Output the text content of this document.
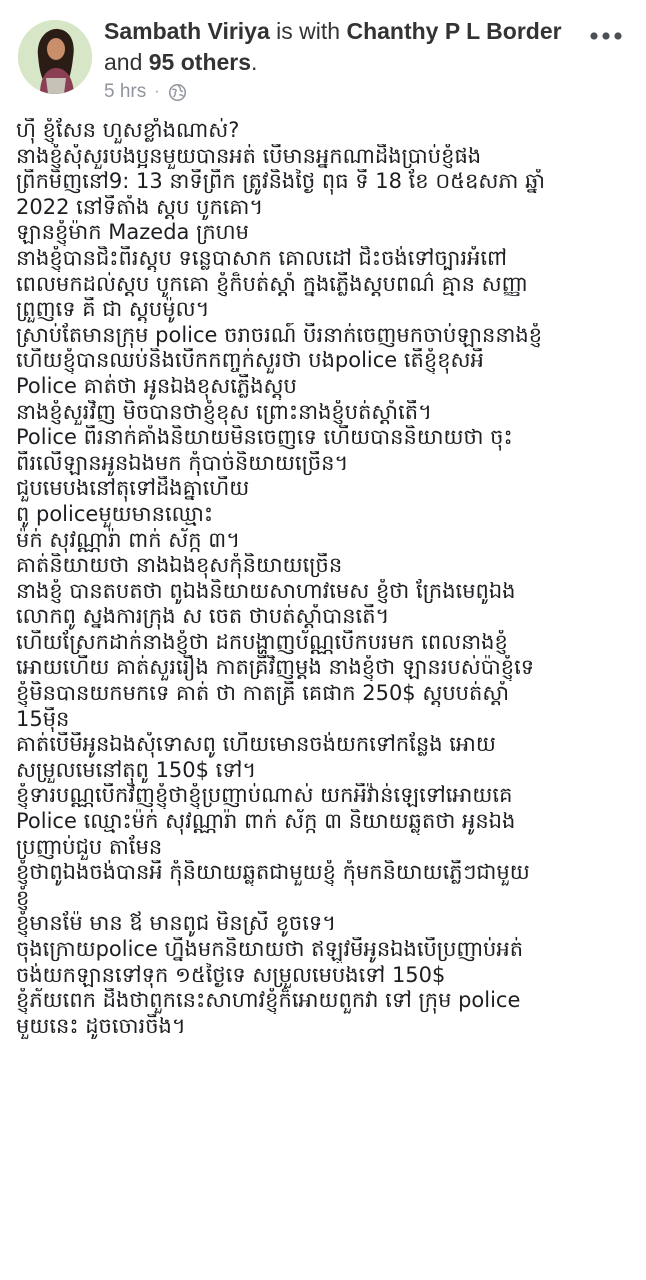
Sambath Viriya is with Chanthy P L Border and 95 others.
5 hrs ·
ហ៊ឺ ខ្ញុំសែន ហួសខ្លាំងណាស់?
នាងខ្ញុំសុំសួរបងប្អូនមួយបានអត់ បើមានអ្នកណាដឹងប្រាប់ខ្ញុំផង
ព្រឹកមិញនៅ9: 13 នាទីព្រឹក ត្រូវនិងថ្ងៃ ពុធ ទី 18 ខែ ០៥ឧសភា ឆ្នាំ
2022 នៅទីតាំង ស្តុប បូកគោ។
ឡានខ្ញុំម៉ាក Mazeda ក្រហម
នាងខ្ញុំបានជិះពីរស្តុប ទន្លេបាសាក គោលដៅ ជិះចង់ទៅច្បារអំពៅ
ពេលមកដល់ស្តុប បូកគោ ខ្ញុំក៏បត់ស្តាំ ក្នុងភ្លើងស្តុបពណ៌ គ្មាន សញ្ញា
ព្រួញទេ គឺ ជា ស្តុបម៉ូល។
ស្រាប់តែមានក្រុម police ចរាចរណ៍ បីរនាក់ចេញមកចាប់ឡាននាងខ្ញុំ
ហើយខ្ញុំបានឈប់និងបើកកញ្ចក់សួរថា បងpolice តើខ្ញុំខុសអី
Police គាត់ថា អូនឯងខុសភ្លើងស្តុប
នាងខ្ញុំសួរវិញ មិចបានថាខ្ញុំខុស ព្រោះនាងខ្ញុំបត់ស្តាំតើ។
Police ពីរនាក់គាំងនិយាយមិនចេញទេ ហើយបាននិយាយថា ចុះ
ពីរលើឡានអូនឯងមក កុំបាច់និយាយច្រើន។
ជួបមេបងនៅតុទៅដឹងគ្នាហើយ
ពូ policeមួយមានឈ្មោះ
ម៉ក់ សុវណ្ណារ៉ា ពាក់ ស័ក្ក ៣។
គាត់និយាយថា នាងឯងខុសកុំនិយាយច្រើន
នាងខ្ញុំ បានតបតថា ពូឯងនិយាយសាហាវមេស ខ្ញុំថា ក្រែងមេពូឯង
លោកពូ ស្នងការក្រុង ស ចេត ថាបត់ស្តាំបានតើ។
ហើយស្រែកដាក់នាងខ្ញុំថា ដកបង្ហាញប័ណ្ណបើកបរមក ពេលនាងខ្ញុំ
អោយហើយ គាត់សួររឿង កាតគ្រីវិញម្តង នាងខ្ញុំថា ឡានរបស់ប៉ាខ្ញុំទេ
ខ្ញុំមិនបានយកមកទេ គាត់ ថា កាតគ្រី គេផាក 250$ ស្តុបបត់ស្តាំ
15ម៉ឺន
គាត់បើមីអូនឯងសុំទោសពូ ហើយមោនចង់យកទៅកន្លែង អោយ
សម្រួលមេនៅតុពូ 150$ ទៅ។
ខ្ញុំទារបណ្ណបើកវិញខ្ញុំថាខ្ញុំប្រញាប់ណាស់ យកអីវ៉ាន់ឡេទៅអោយគេ
Police ឈ្មោះម៉ក់ សុវណ្ណារ៉ា ពាក់ ស័ក្ក ៣ និយាយឆ្លុតថា អូនឯង
ប្រញាប់ជួប តាមែន
ខ្ញុំថាពូឯងចង់បានអី កុំនិយាយឆ្លុតជាមួយខ្ញុំ កុំមកនិយាយភ្លើៗជាមួយ
ខ្ញុំ
ខ្ញុំមានម៉ែ មាន ឪ មានពូជ មិនស្រី ខូចទេ។
ចុងក្រោយpolice ហ្នឹងមកនិយាយថា ឥឡូវមីអូនឯងបើប្រញាប់អត់
ចង់យកឡានទៅទុក ១៥ថ្ងៃទេ សម្រួលមេបងទៅ 150$
ខ្ញុំភ័យពេក ដឹងថាពួកនេះសាហាវខ្ញុំក៏អោយពួកវា ទៅ ក្រុម police
មួយនេះ ដូចចោរចឹង។
